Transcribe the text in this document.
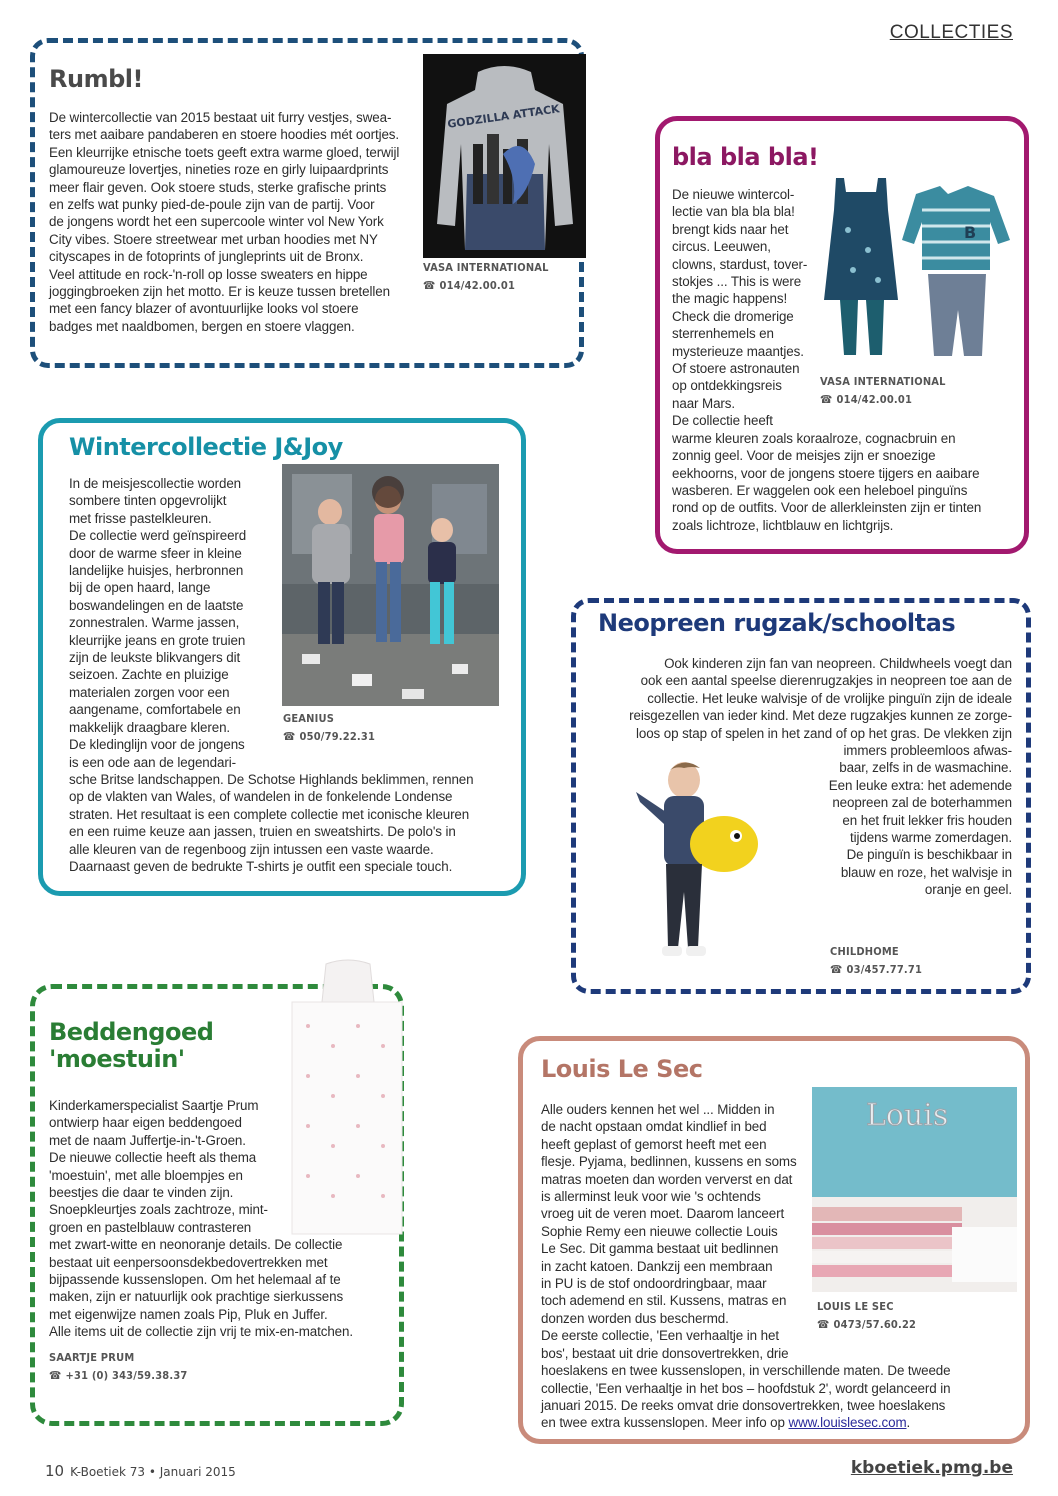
COLLECTIES
Rumbl!
De wintercollectie van 2015 bestaat uit furry vestjes, swea-
ters met aaibare pandaberen en stoere hoodies mét oortjes.
Een kleurrijke etnische toets geeft extra warme gloed, terwijl
glamoureuze lovertjes, nineties roze en girly luipaardprints
meer flair geven. Ook stoere studs, sterke grafische prints
en zelfs wat punky pied-de-poule zijn van de partij. Voor
de jongens wordt het een supercoole winter vol New York
City vibes. Stoere streetwear met urban hoodies met NY
cityscapes in de fotoprints of jungleprints uit de Bronx.
Veel attitude en rock-'n-roll op losse sweaters en hippe
joggingbroeken zijn het motto. Er is keuze tussen bretellen
met een fancy blazer of avontuurlijke looks vol stoere
badges met naaldbomen, bergen en stoere vlaggen.
GODZILLA ATTACK
VASA INTERNATIONAL
☎ 014/42.00.01
bla bla bla!
De nieuwe wintercol-
lectie van bla bla bla!
brengt kids naar het
circus. Leeuwen,
clowns, stardust, tover-
stokjes ... This is were
the magic happens!
Check die dromerige
sterrenhemels en
mysterieuze maantjes.
Of stoere astronauten
op ontdekkingsreis
naar Mars.
De collectie heeft
warme kleuren zoals koraalroze, cognacbruin en
zonnig geel. Voor de meisjes zijn er snoezige
eekhoorns, voor de jongens stoere tijgers en aaibare
wasberen. Er waggelen ook een heleboel pinguïns
rond op de outfits. Voor de allerkleinsten zijn er tinten
zoals lichtroze, lichtblauw en lichtgrijs.
B
VASA INTERNATIONAL
☎ 014/42.00.01
Wintercollectie J&Joy
In de meisjescollectie worden
sombere tinten opgevrolijkt
met frisse pastelkleuren.
De collectie werd geïnspireerd
door de warme sfeer in kleine
landelijke huisjes, herbronnen
bij de open haard, lange
boswandelingen en de laatste
zonnestralen. Warme jassen,
kleurrijke jeans en grote truien
zijn de leukste blikvangers dit
seizoen. Zachte en pluizige
materialen zorgen voor een
aangename, comfortabele en
makkelijk draagbare kleren.
De kledinglijn voor de jongens
is een ode aan de legendari-
sche Britse landschappen. De Schotse Highlands beklimmen, rennen
op de vlakten van Wales, of wandelen in de fonkelende Londense
straten. Het resultaat is een complete collectie met iconische kleuren
en een ruime keuze aan jassen, truien en sweatshirts. De polo's in
alle kleuren van de regenboog zijn intussen een vaste waarde.
Daarnaast geven de bedrukte T-shirts je outfit een speciale touch.
GEANIUS
☎ 050/79.22.31
Neopreen rugzak/schooltas
Ook kinderen zijn fan van neopreen. Childwheels voegt dan
ook een aantal speelse dierenrugzakjes in neopreen toe aan de
collectie. Het leuke walvisje of de vrolijke pinguïn zijn de ideale
reisgezellen van ieder kind. Met deze rugzakjes kunnen ze zorge-
loos op stap of spelen in het zand of op het gras. De vlekken zijn
immers probleemloos afwas-
baar, zelfs in de wasmachine.
Een leuke extra: het ademende
neopreen zal de boterhammen
en het fruit lekker fris houden
tijdens warme zomerdagen.
De pinguïn is beschikbaar in
blauw en roze, het walvisje in
oranje en geel.
CHILDHOME
☎ 03/457.77.71
Beddengoed
'moestuin'
Kinderkamerspecialist Saartje Prum
ontwierp haar eigen beddengoed
met de naam Juffertje-in-'t-Groen.
De nieuwe collectie heeft als thema
'moestuin', met alle bloempjes en
beestjes die daar te vinden zijn.
Snoepkleurtjes zoals zachtroze, mint-
groen en pastelblauw contrasteren
met zwart-witte en neonoranje details. De collectie
bestaat uit eenpersoonsdekbedovertrekken met
bijpassende kussenslopen. Om het helemaal af te
maken, zijn er natuurlijk ook prachtige sierkussens
met eigenwijze namen zoals Pip, Pluk en Juffer.
Alle items uit de collectie zijn vrij te mix-en-matchen.
SAARTJE PRUM
☎ +31 (0) 343/59.38.37
Louis Le Sec
Alle ouders kennen het wel ... Midden in
de nacht opstaan omdat kindlief in bed
heeft geplast of gemorst heeft met een
flesje. Pyjama, bedlinnen, kussens en soms
matras moeten dan worden ververst en dat
is allerminst leuk voor wie 's ochtends
vroeg uit de veren moet. Daarom lanceert
Sophie Remy een nieuwe collectie Louis
Le Sec. Dit gamma bestaat uit bedlinnen
in zacht katoen. Dankzij een membraan
in PU is de stof ondoordringbaar, maar
toch ademend en stil. Kussens, matras en
donzen worden dus beschermd.
De eerste collectie, 'Een verhaaltje in het
bos', bestaat uit drie donsovertrekken, drie
hoeslakens en twee kussenslopen, in verschillende maten. De tweede
collectie, 'Een verhaaltje in het bos – hoofdstuk 2', wordt gelanceerd in
januari 2015. De reeks omvat drie donsovertrekken, twee hoeslakens
en twee extra kussenslopen. Meer info op www.louislesec.com.
Louis
LOUIS LE SEC
☎ 0473/57.60.22
10 K-Boetiek 73 • Januari 2015	kboetiek.pmg.be
